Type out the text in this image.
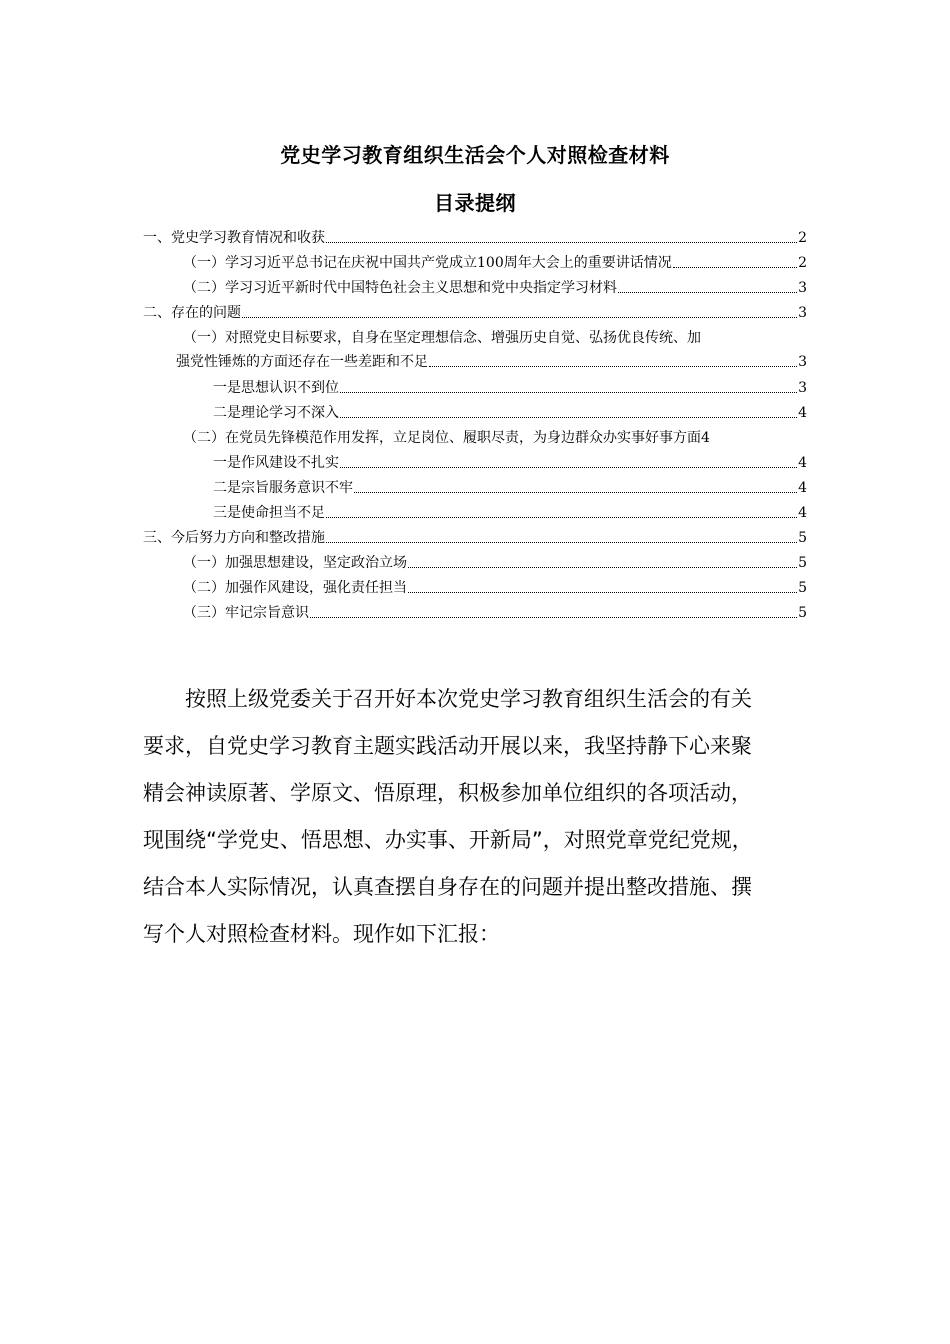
党史学习教育组织生活会个人对照检查材料
目录提纲
一、党史学习教育情况和收获	2
（一）学习习近平总书记在庆祝中国共产党成立100周年大会上的重要讲话情况	2
（二）学习习近平新时代中国特色社会主义思想和党中央指定学习材料	3
二、存在的问题	3
（一）对照党史目标要求，自身在坚定理想信念、增强历史自觉、弘扬优良传统、加
强党性锤炼的方面还存在一些差距和不足	3
一是思想认识不到位	3
二是理论学习不深入	4
（二）在党员先锋模范作用发挥，立足岗位、履职尽责，为身边群众办实事好事方面 4
一是作风建设不扎实	4
二是宗旨服务意识不牢	4
三是使命担当不足	4
三、今后努力方向和整改措施	5
（一）加强思想建设，坚定政治立场	5
（二）加强作风建设，强化责任担当	5
（三）牢记宗旨意识	5

按照上级党委关于召开好本次党史学习教育组织生活会的有关
要求，自党史学习教育主题实践活动开展以来，我坚持静下心来聚
精会神读原著、学原文、悟原理，积极参加单位组织的各项活动，
现围绕“学党史、悟思想、办实事、开新局”，对照党章党纪党规，
结合本人实际情况，认真查摆自身存在的问题并提出整改措施、撰
写个人对照检查材料。现作如下汇报：
